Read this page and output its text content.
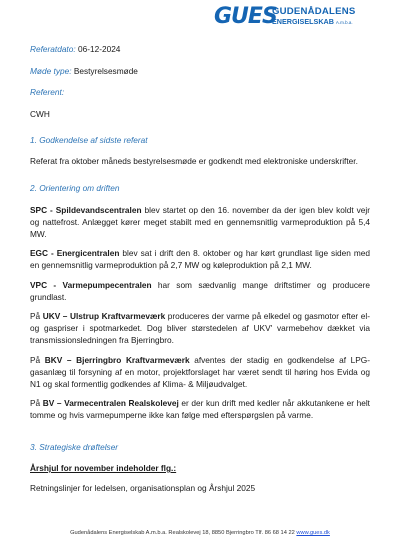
GUES
GUDENÅDALENS
ENERGISELSKAB A.m.b.a.

Referatdato: 06-12-2024

Møde type: Bestyrelsesmøde

Referent:

CWH

1. Godkendelse af sidste referat

Referat fra oktober måneds bestyrelsesmøde er godkendt med elektroniske underskrifter.

2. Orientering om driften

SPC - Spildevandscentralen blev startet op den 16. november da der igen blev koldt vejr og nattefrost. Anlægget kører meget stabilt med en gennemsnitlig varmeproduktion på 5,4 MW.

EGC - Energicentralen blev sat i drift den 8. oktober og har kørt grundlast lige siden med en gennemsnitlig varmeproduktion på 2,7 MW og køleproduktion på 2,1 MW.

VPC - Varmepumpecentralen har som sædvanlig mange driftstimer og producere grundlast.

På UKV – Ulstrup Kraftvarmeværk produceres der varme på elkedel og gasmotor efter el- og gaspriser i spotmarkedet. Dog bliver størstedelen af UKV' varmebehov dækket via transmissionsledningen fra Bjerringbro.

På BKV – Bjerringbro Kraftvarmeværk afventes der stadig en godkendelse af LPG-gasanlæg til forsyning af en motor, projektforslaget har været sendt til høring hos Evida og N1 og skal formentlig godkendes af Klima- & Miljøudvalget.

På BV – Varmecentralen Realskolevej er der kun drift med kedler når akkutankene er helt tomme og hvis varmepumperne ikke kan følge med efterspørgslen på varme.

3. Strategiske drøftelser

Årshjul for november indeholder flg.:

Retningslinjer for ledelsen, organisationsplan og Årshjul 2025

Gudenådalens Energiselskab A.m.b.a. Realskolevej 18, 8850 Bjerringbro Tlf. 86 68 14 22 www.gues.dk
